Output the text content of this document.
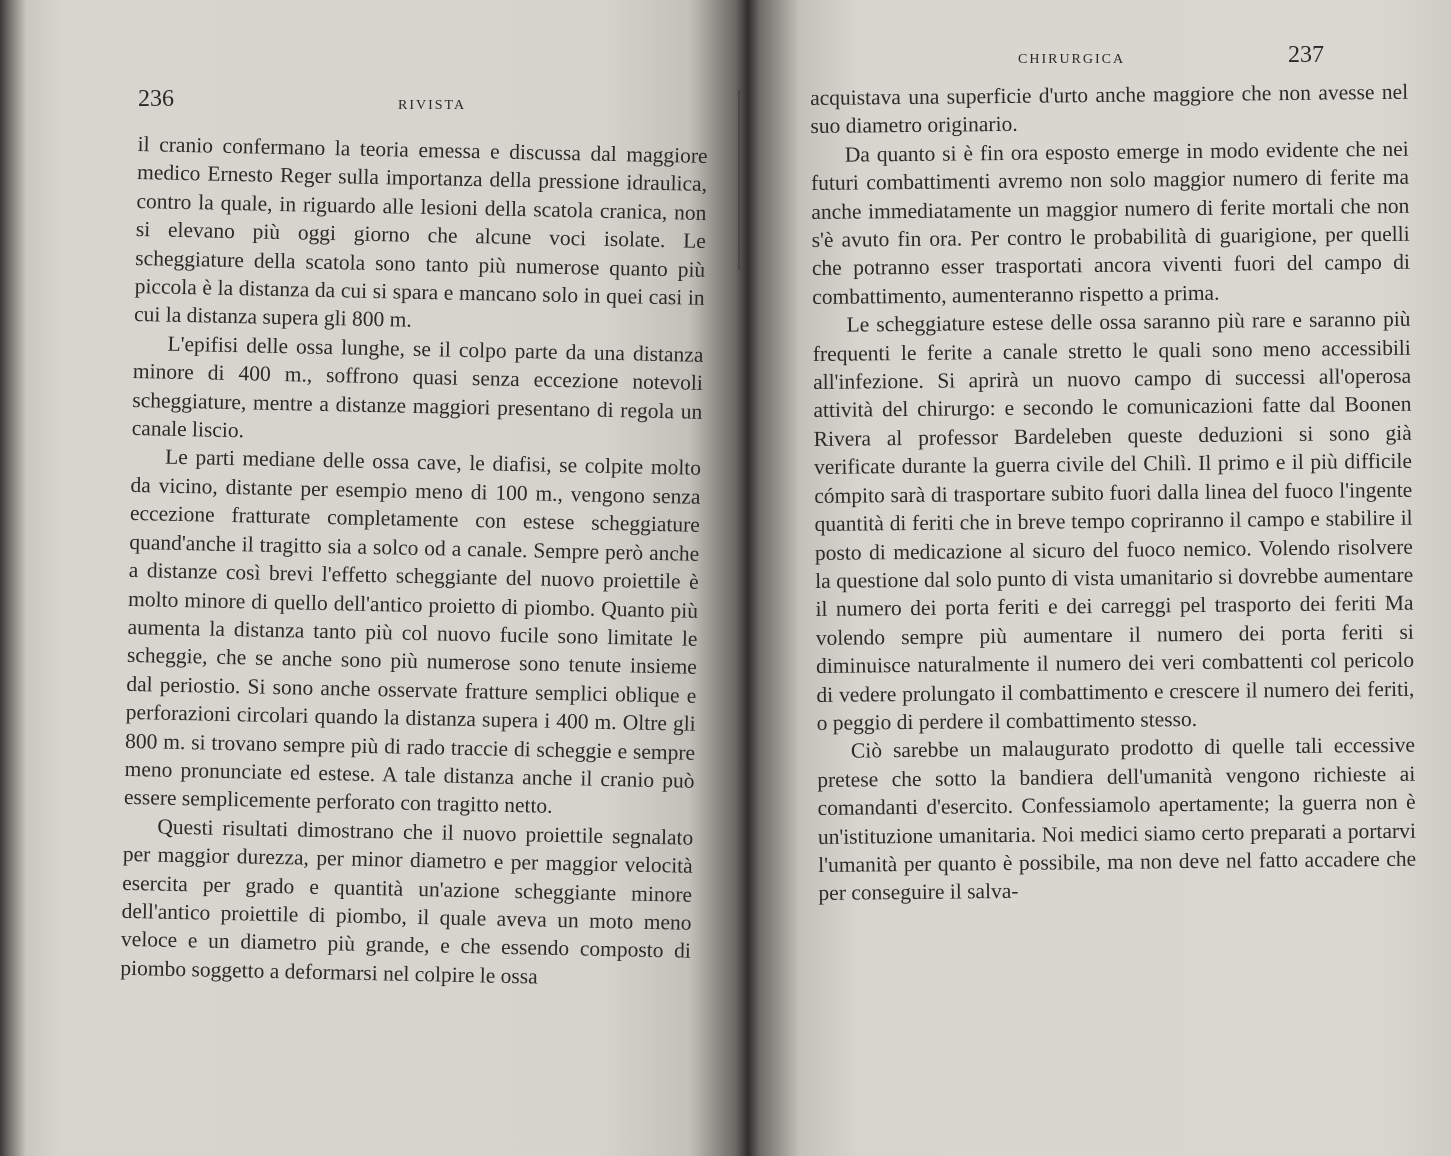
236	RIVISTA

il cranio confermano la teoria emessa e discussa dal maggiore medico Ernesto Reger sulla importanza della pressione idraulica, contro la quale, in riguardo alle lesioni della scatola cranica, non si elevano più oggi giorno che alcune voci isolate. Le scheggiature della scatola sono tanto più numerose quanto più piccola è la distanza da cui si spara e mancano solo in quei casi in cui la distanza supera gli 800 m.

L'epifisi delle ossa lunghe, se il colpo parte da una distanza minore di 400 m., soffrono quasi senza eccezione notevoli scheggiature, mentre a distanze maggiori presentano di regola un canale liscio.

Le parti mediane delle ossa cave, le diafisi, se colpite molto da vicino, distante per esempio meno di 100 m., vengono senza eccezione fratturate completamente con estese scheggiature quand'anche il tragitto sia a solco od a canale. Sempre però anche a distanze così brevi l'effetto scheggiante del nuovo proiettile è molto minore di quello dell'antico proietto di piombo. Quanto più aumenta la distanza tanto più col nuovo fucile sono limitate le scheggie, che se anche sono più numerose sono tenute insieme dal periostio. Si sono anche osservate fratture semplici oblique e perforazioni circolari quando la distanza supera i 400 m. Oltre gli 800 m. si trovano sempre più di rado traccie di scheggie e sempre meno pronunciate ed estese. A tale distanza anche il cranio può essere semplicemente perforato con tragitto netto.

Questi risultati dimostrano che il nuovo proiettile segnalato per maggior durezza, per minor diametro e per maggior velocità esercita per grado e quantità un'azione scheggiante minore dell'antico proiettile di piombo, il quale aveva un moto meno veloce e un diametro più grande, e che essendo composto di piombo soggetto a deformarsi nel colpire le ossa

CHIRURGICA	237

acquistava una superficie d'urto anche maggiore che non avesse nel suo diametro originario.

Da quanto si è fin ora esposto emerge in modo evidente che nei futuri combattimenti avremo non solo maggior numero di ferite ma anche immediatamente un maggior numero di ferite mortali che non s'è avuto fin ora. Per contro le probabilità di guarigione, per quelli che potranno esser trasportati ancora viventi fuori del campo di combattimento, aumenteranno rispetto a prima.

Le scheggiature estese delle ossa saranno più rare e saranno più frequenti le ferite a canale stretto le quali sono meno accessibili all'infezione. Si aprirà un nuovo campo di successi all'operosa attività del chirurgo: e secondo le comunicazioni fatte dal Boonen Rivera al professor Bardeleben queste deduzioni si sono già verificate durante la guerra civile del Chilì. Il primo e il più difficile cómpito sarà di trasportare subito fuori dalla linea del fuoco l'ingente quantità di feriti che in breve tempo copriranno il campo e stabilire il posto di medicazione al sicuro del fuoco nemico. Volendo risolvere la questione dal solo punto di vista umanitario si dovrebbe aumentare il numero dei porta feriti e dei carreggi pel trasporto dei feriti Ma volendo sempre più aumentare il numero dei porta feriti si diminuisce naturalmente il numero dei veri combattenti col pericolo di vedere prolungato il combattimento e crescere il numero dei feriti, o peggio di perdere il combattimento stesso.

Ciò sarebbe un malaugurato prodotto di quelle tali eccessive pretese che sotto la bandiera dell'umanità vengono richieste ai comandanti d'esercito. Confessiamolo apertamente; la guerra non è un'istituzione umanitaria. Noi medici siamo certo preparati a portarvi l'umanità per quanto è possibile, ma non deve nel fatto accadere che per conseguire il salva-
